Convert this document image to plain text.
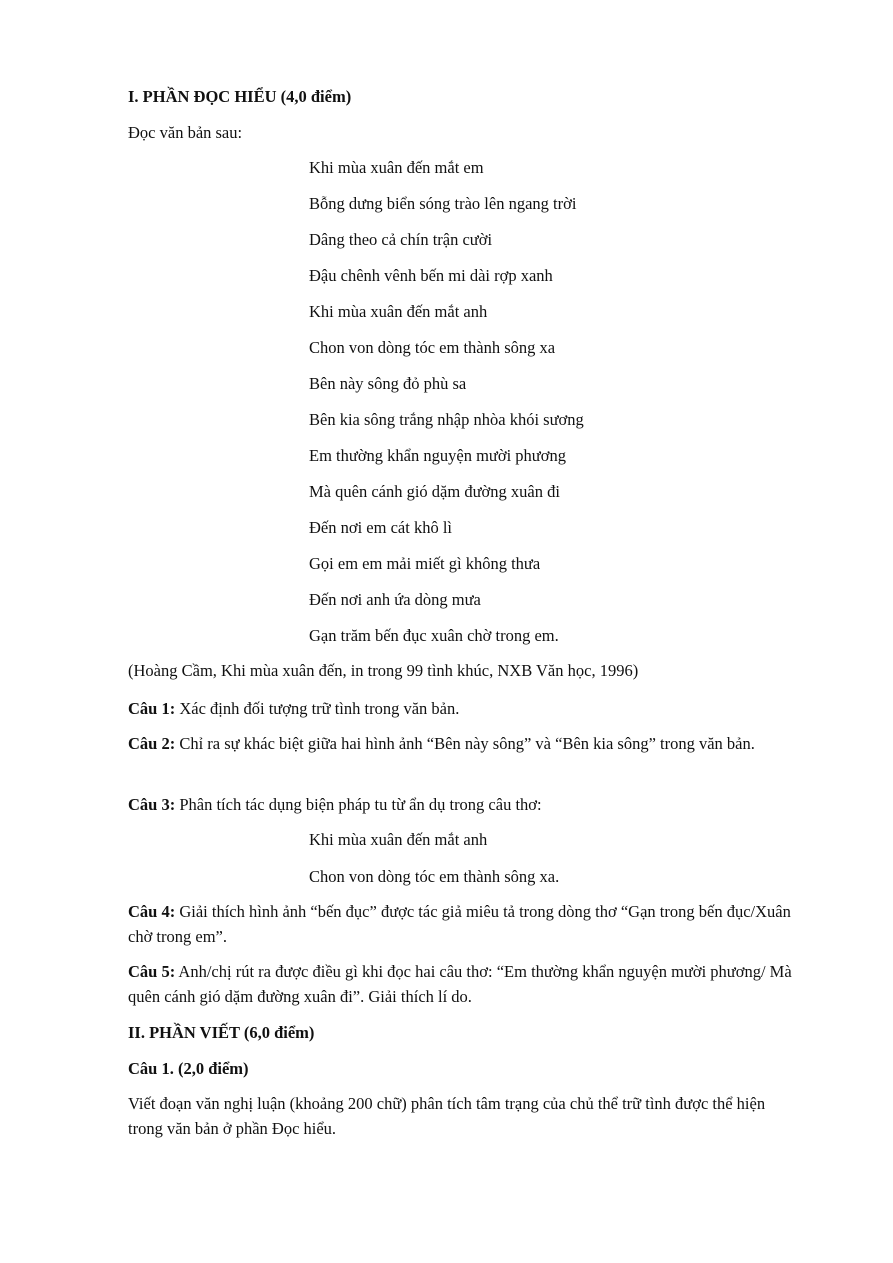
I. PHẦN ĐỌC HIỂU (4,0 điểm)
Đọc văn bản sau:
Khi mùa xuân đến mắt em
Bỗng dưng biển sóng trào lên ngang trời
Dâng theo cả chín trận cười
Đậu chênh vênh bến mi dài rợp xanh
Khi mùa xuân đến mắt anh
Chon von dòng tóc em thành sông xa
Bên này sông đỏ phù sa
Bên kia sông trắng nhập nhòa khói sương
Em thường khẩn nguyện mười phương
Mà quên cánh gió dặm đường xuân đi
Đến nơi em cát khô lì
Gọi em em mải miết gì không thưa
Đến nơi anh ứa dòng mưa
Gạn trăm bến đục xuân chờ trong em.
(Hoàng Cầm, Khi mùa xuân đến, in trong 99 tình khúc, NXB Văn học, 1996)
Câu 1: Xác định đối tượng trữ tình trong văn bản.
Câu 2: Chỉ ra sự khác biệt giữa hai hình ảnh “Bên này sông” và “Bên kia sông” trong văn bản.
Câu 3: Phân tích tác dụng biện pháp tu từ ẩn dụ trong câu thơ:
Khi mùa xuân đến mắt anh
Chon von dòng tóc em thành sông xa.
Câu 4: Giải thích hình ảnh “bến đục” được tác giả miêu tả trong dòng thơ “Gạn trong bến đục/Xuân chờ trong em”.
Câu 5: Anh/chị rút ra được điều gì khi đọc hai câu thơ: “Em thường khẩn nguyện mười phương/ Mà quên cánh gió dặm đường xuân đi”. Giải thích lí do.
II. PHẦN VIẾT (6,0 điểm)
Câu 1. (2,0 điểm)
Viết đoạn văn nghị luận (khoảng 200 chữ) phân tích tâm trạng của chủ thể trữ tình được thể hiện trong văn bản ở phần Đọc hiểu.
